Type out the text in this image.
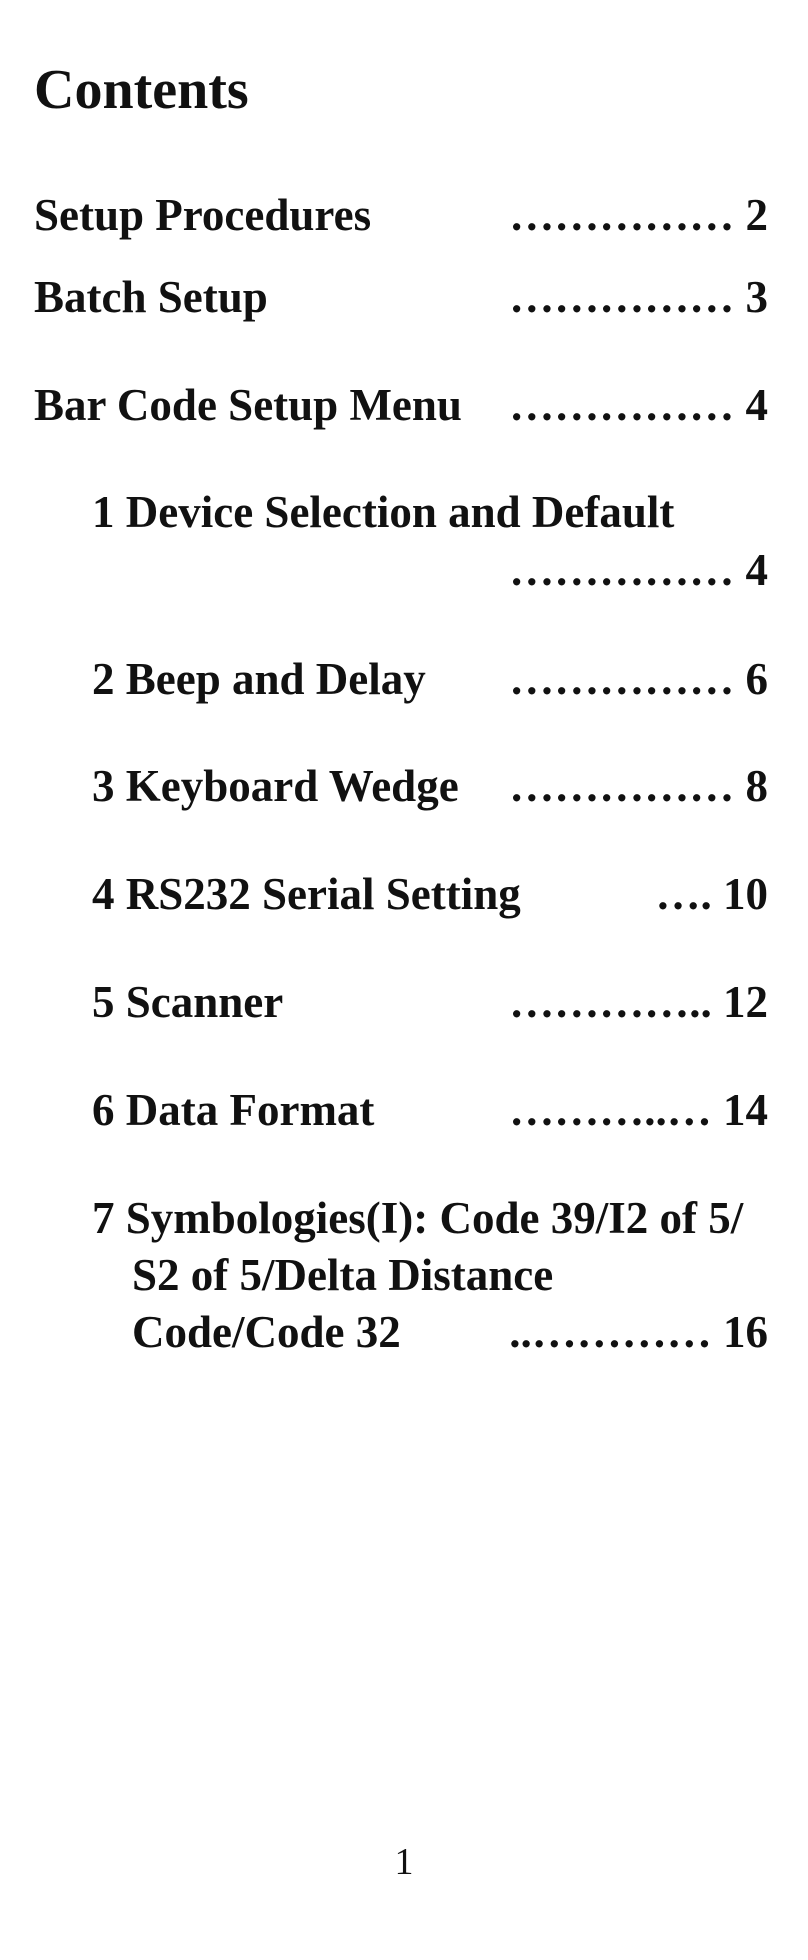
Contents
Setup Procedures	…………… 2
Batch Setup	…………… 3
Bar Code Setup Menu …………… 4
1 Device Selection and Default
…………… 4
2 Beep and Delay …………… 6
3 Keyboard Wedge …………… 8
4 RS232 Serial Setting	…. 10
5 Scanner	………….. 12
6 Data Format	………..… 14
7 Symbologies(I): Code 39/I2 of 5/
S2 of 5/Delta Distance
Code/Code 32 ..………… 16
1
